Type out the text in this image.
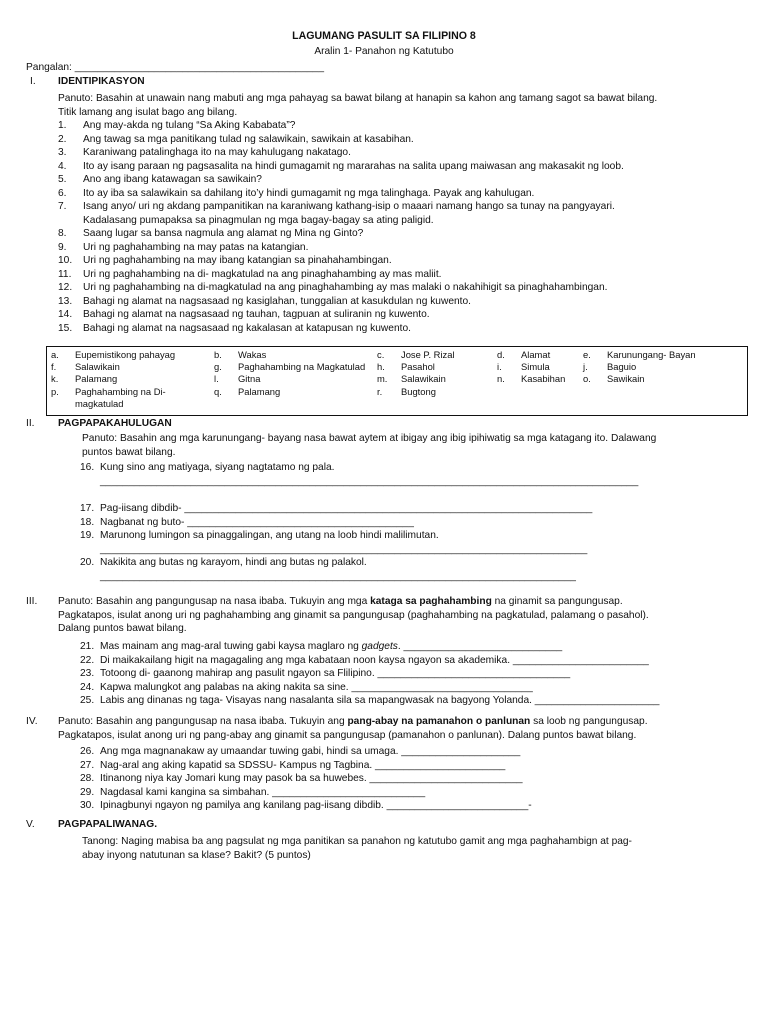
LAGUMANG PASULIT SA FILIPINO 8
Aralin 1- Panahon ng Katutubo
Pangalan: ____________________________________________
I.	IDENTIPIKASYON
Panuto: Basahin at unawain nang mabuti ang mga pahayag sa bawat bilang at hanapin sa kahon ang tamang sagot sa bawat bilang.
Titik lamang ang isulat bago ang bilang.
1. Ang may-akda ng tulang “Sa Aking Kababata”?
2. Ang tawag sa mga panitikang tulad ng salawikain, sawikain at kasabihan.
3. Karaniwang patalinghaga ito na may kahulugang nakatago.
4. Ito ay isang paraan ng pagsasalita na hindi gumagamit ng mararahas na salita upang maiwasan ang makasakit ng loob.
5. Ano ang ibang katawagan sa sawikain?
6. Ito ay iba sa salawikain sa dahilang ito’y hindi gumagamit ng mga talinghaga. Payak ang kahulugan.
7. Isang anyo/ uri ng akdang pampanitikan na karaniwang kathang-isip o maaari namang hango sa tunay na pangyayari.
Kadalasang pumapaksa sa pinagmulan ng mga bagay-bagay sa ating paligid.
8. Saang lugar sa bansa nagmula ang alamat ng Mina ng Ginto?
9. Uri ng paghahambing na may patas na katangian.
10. Uri ng paghahambing na may ibang katangian sa pinahahambingan.
11. Uri ng paghahambing na di- magkatulad na ang pinaghahambing ay mas maliit.
12. Uri ng paghahambing na di-magkatulad na ang pinaghahambing ay mas malaki o nakahihigit sa pinaghahambingan.
13. Bahagi ng alamat na nagsasaad ng kasiglahan, tunggalian at kasukdulan ng kuwento.
14. Bahagi ng alamat na nagsasaad ng tauhan, tagpuan at suliranin ng kuwento.
15. Bahagi ng alamat na nagsasaad ng kakalasan at katapusan ng kuwento.
a.	Eupemistikong pahayag	b.	Wakas	c.	Jose P. Rizal	d.	Alamat	e.	Karunungang- Bayan
f.	Salawikain	g.	Paghahambing na Magkatulad	h.	Pasahol	i.	Simula	j.	Baguio
k.	Palamang	l.	Gitna	m.	Salawikain	n.	Kasabihan	o.	Sawikain
p.	Paghahambing na Di-magkatulad	q.	Palamang	r.	Bugtong				
II.	PAGPAPAKAHULUGAN
Panuto: Basahin ang mga karunungang- bayang nasa bawat aytem at ibigay ang ibig ipihiwatig sa mga katagang ito. Dalawang
puntos bawat bilang.
16. Kung sino ang matiyaga, siyang nagtatamo ng pala.
_______________________________________________________________________________________________
17. Pag-iisang dibdib- ________________________________________________________________________
18. Nagbanat ng buto- ________________________________________
19. Marunong lumingon sa pinaggalingan, ang utang na loob hindi malilimutan.
______________________________________________________________________________________
20. Nakikita ang butas ng karayom, hindi ang butas ng palakol.
____________________________________________________________________________________
III.	Panuto: Basahin ang pangungusap na nasa ibaba. Tukuyin ang mga kataga sa paghahambing na ginamit sa pangungusap.
Pagkatapos, isulat anong uri ng paghahambing ang ginamit sa pangungusap (paghahambing na pagkatulad, palamang o pasahol).
Dalang puntos bawat bilang.
21. Mas mainam ang mag-aral tuwing gabi kaysa maglaro ng gadgets. ____________________________
22. Di maikakailang higit na magagaling ang mga kabataan noon kaysa ngayon sa akademika. ________________________
23. Totoong di- gaanong mahirap ang pasulit ngayon sa Flilipino. __________________________________
24. Kapwa malungkot ang palabas na aking nakita sa sine. ________________________________
25. Labis ang dinanas ng taga- Visayas nang nasalanta sila sa mapangwasak na bagyong Yolanda. ______________________
IV.	Panuto: Basahin ang pangungusap na nasa ibaba. Tukuyin ang pang-abay na pamanahon o panlunan sa loob ng pangungusap.
Pagkatapos, isulat anong uri ng pang-abay ang ginamit sa pangungusap (pamanahon o panlunan). Dalang puntos bawat bilang.
26. Ang mga magnanakaw ay umaandar tuwing gabi, hindi sa umaga. _____________________
27. Nag-aral ang aking kapatid sa SDSSU- Kampus ng Tagbina. _______________________
28. Itinanong niya kay Jomari kung may pasok ba sa huwebes. ___________________________
29. Nagdasal kami kangina sa simbahan. ___________________________
30. Ipinagbunyi ngayon ng pamilya ang kanilang pag-iisang dibdib. _________________________-
V.	PAGPAPALIWANAG.
Tanong: Naging mabisa ba ang pagsulat ng mga panitikan sa panahon ng katutubo gamit ang mga paghahambign at pag-
abay inyong natutunan sa klase? Bakit? (5 puntos)
